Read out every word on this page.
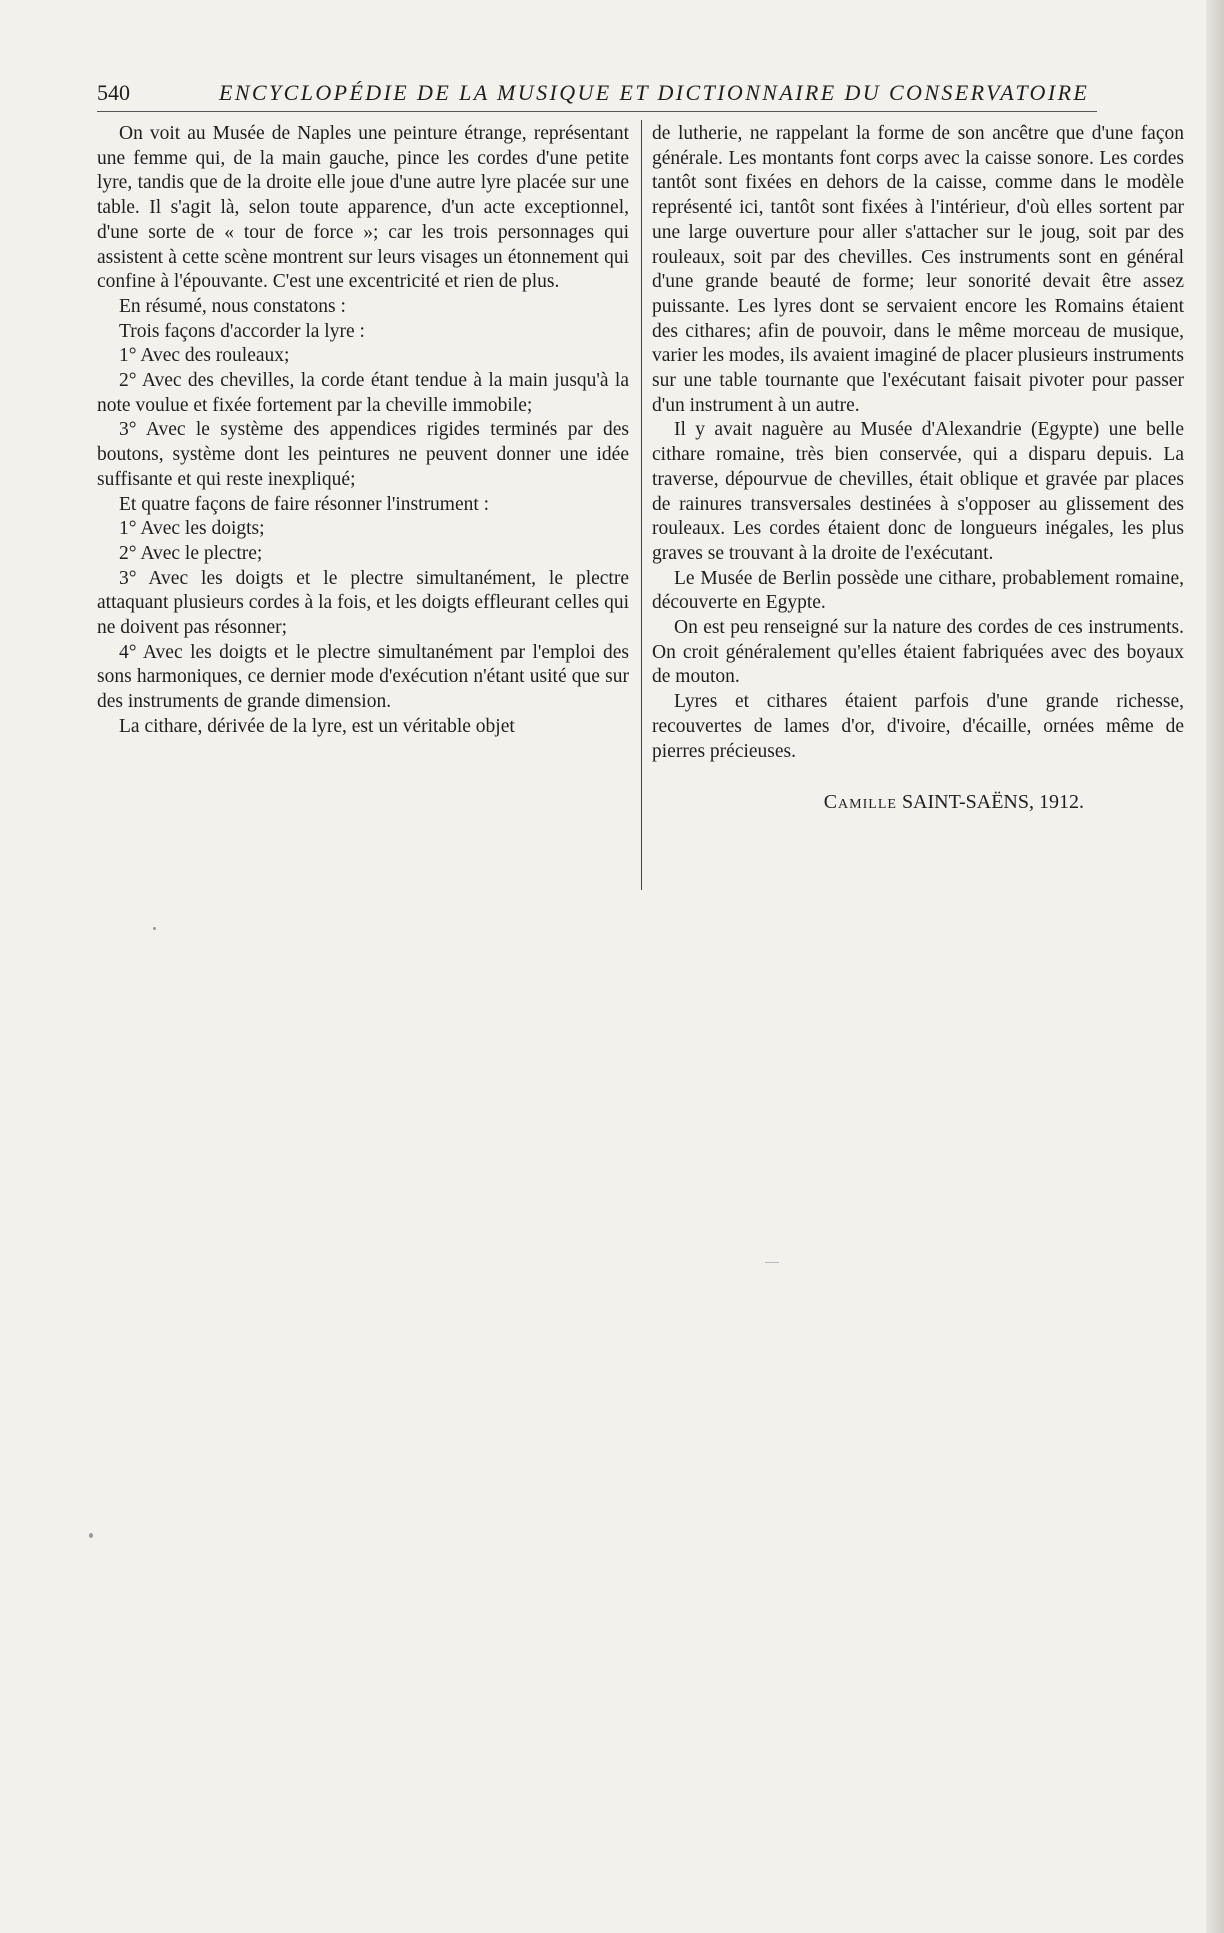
540	ENCYCLOPÉDIE DE LA MUSIQUE ET DICTIONNAIRE DU CONSERVATOIRE

On voit au Musée de Naples une peinture étrange, représentant une femme qui, de la main gauche, pince les cordes d'une petite lyre, tandis que de la droite elle joue d'une autre lyre placée sur une table. Il s'agit là, selon toute apparence, d'un acte exceptionnel, d'une sorte de « tour de force »; car les trois personnages qui assistent à cette scène montrent sur leurs visages un étonnement qui confine à l'épouvante. C'est une excentricité et rien de plus.

En résumé, nous constatons :

Trois façons d'accorder la lyre :

1° Avec des rouleaux;

2° Avec des chevilles, la corde étant tendue à la main jusqu'à la note voulue et fixée fortement par la cheville immobile;

3° Avec le système des appendices rigides terminés par des boutons, système dont les peintures ne peuvent donner une idée suffisante et qui reste inexpliqué;

Et quatre façons de faire résonner l'instrument :

1° Avec les doigts;

2° Avec le plectre;

3° Avec les doigts et le plectre simultanément, le plectre attaquant plusieurs cordes à la fois, et les doigts effleurant celles qui ne doivent pas résonner;

4° Avec les doigts et le plectre simultanément par l'emploi des sons harmoniques, ce dernier mode d'exécution n'étant usité que sur des instruments de grande dimension.

La cithare, dérivée de la lyre, est un véritable objet

de lutherie, ne rappelant la forme de son ancêtre que d'une façon générale. Les montants font corps avec la caisse sonore. Les cordes tantôt sont fixées en dehors de la caisse, comme dans le modèle représenté ici, tantôt sont fixées à l'intérieur, d'où elles sortent par une large ouverture pour aller s'attacher sur le joug, soit par des rouleaux, soit par des chevilles. Ces instruments sont en général d'une grande beauté de forme; leur sonorité devait être assez puissante. Les lyres dont se servaient encore les Romains étaient des cithares; afin de pouvoir, dans le même morceau de musique, varier les modes, ils avaient imaginé de placer plusieurs instruments sur une table tournante que l'exécutant faisait pivoter pour passer d'un instrument à un autre.

Il y avait naguère au Musée d'Alexandrie (Egypte) une belle cithare romaine, très bien conservée, qui a disparu depuis. La traverse, dépourvue de chevilles, était oblique et gravée par places de rainures transversales destinées à s'opposer au glissement des rouleaux. Les cordes étaient donc de longueurs inégales, les plus graves se trouvant à la droite de l'exécutant.

Le Musée de Berlin possède une cithare, probablement romaine, découverte en Egypte.

On est peu renseigné sur la nature des cordes de ces instruments. On croit généralement qu'elles étaient fabriquées avec des boyaux de mouton.

Lyres et cithares étaient parfois d'une grande richesse, recouvertes de lames d'or, d'ivoire, d'écaille, ornées même de pierres précieuses.

Camille SAINT-SAËNS, 1912.
